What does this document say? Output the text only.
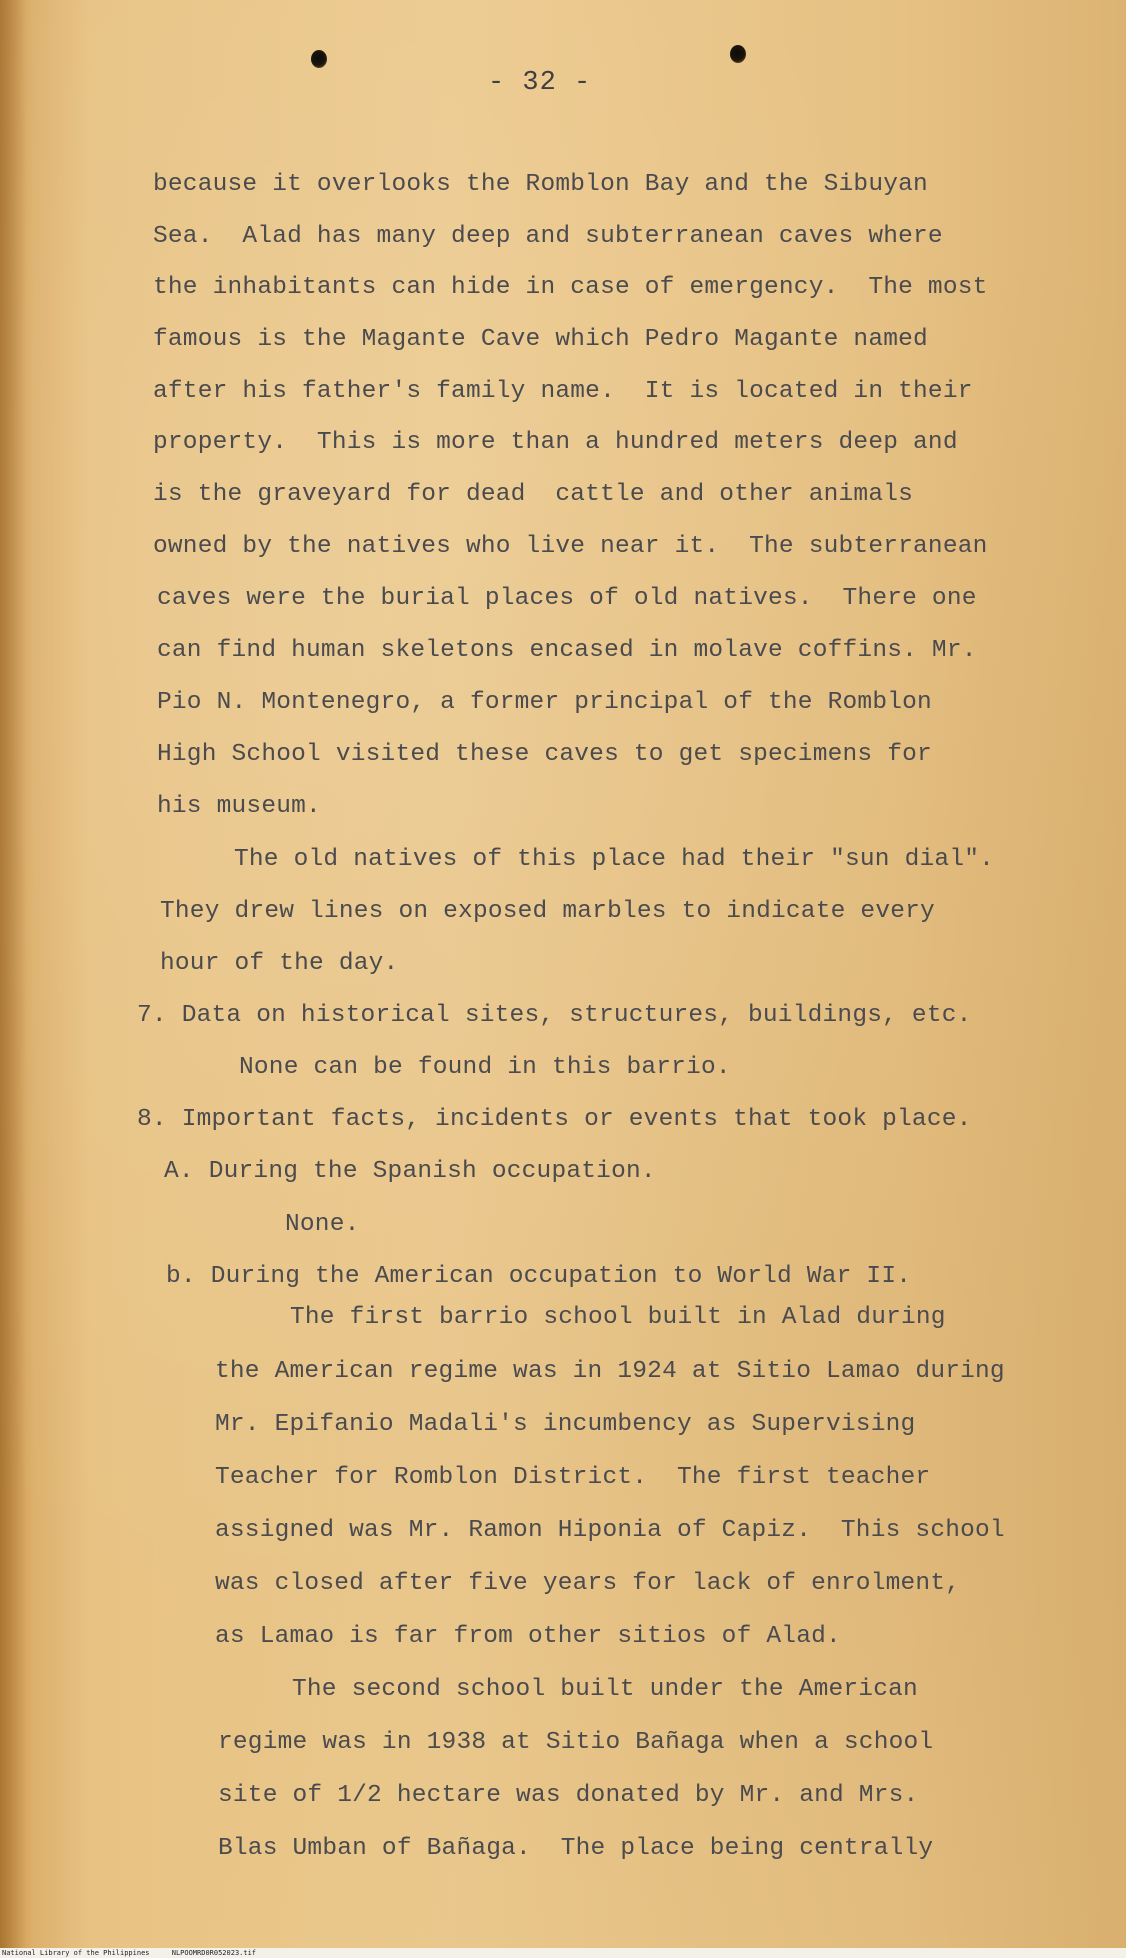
- 32 -
because it overlooks the Romblon Bay and the Sibuyan
Sea.  Alad has many deep and subterranean caves where
the inhabitants can hide in case of emergency.  The most
famous is the Magante Cave which Pedro Magante named
after his father's family name.  It is located in their
property.  This is more than a hundred meters deep and
is the graveyard for dead  cattle and other animals
owned by the natives who live near it.  The subterranean
caves were the burial places of old natives.  There one
can find human skeletons encased in molave coffins. Mr.
Pio N. Montenegro, a former principal of the Romblon
High School visited these caves to get specimens for
his museum.
The old natives of this place had their "sun dial".
They drew lines on exposed marbles to indicate every
hour of the day.
7. Data on historical sites, structures, buildings, etc.
None can be found in this barrio.
8. Important facts, incidents or events that took place.
A. During the Spanish occupation.
None.
b. During the American occupation to World War II.
The first barrio school built in Alad during
the American regime was in 1924 at Sitio Lamao during
Mr. Epifanio Madali's incumbency as Supervising
Teacher for Romblon District.  The first teacher
assigned was Mr. Ramon Hiponia of Capiz.  This school
was closed after five years for lack of enrolment,
as Lamao is far from other sitios of Alad.
The second school built under the American
regime was in 1938 at Sitio Bañaga when a school
site of 1/2 hectare was donated by Mr. and Mrs.
Blas Umban of Bañaga.  The place being centrally
National Library of the Philippines	NLPOOMRD0R052023.tif
